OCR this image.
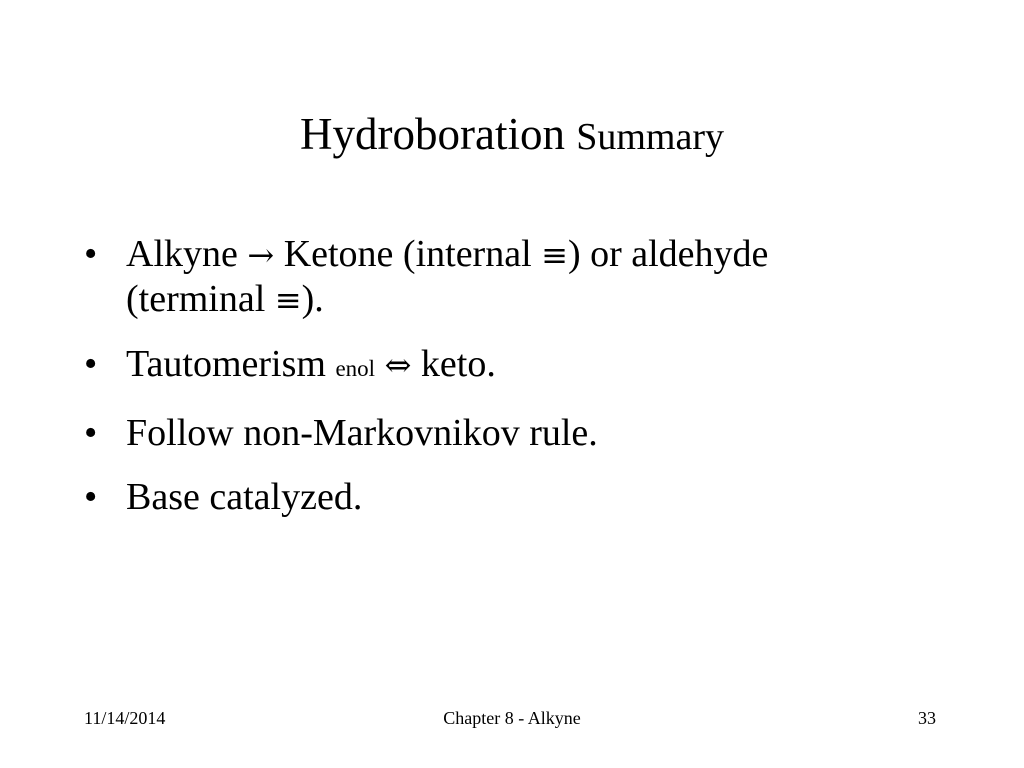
Hydroboration Summary
• Alkyne → Ketone (internal ≡) or aldehyde
(terminal ≡).
• Tautomerism enol ⇔ keto.
• Follow non-Markovnikov rule.
• Base catalyzed.
11/14/2014	Chapter 8 - Alkyne	33
